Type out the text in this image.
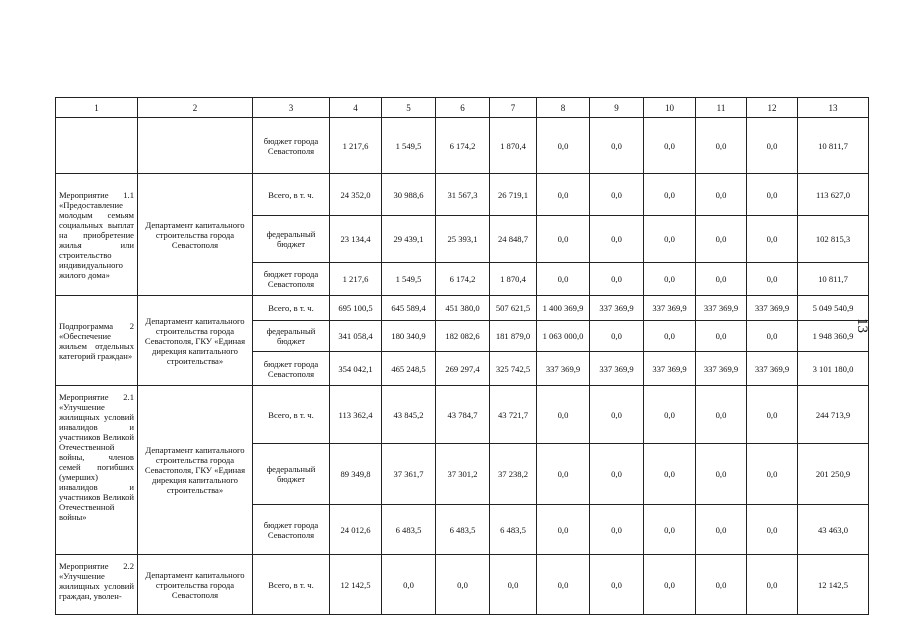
1	2	3	4	5	6	7	8	9	10	11	12	13
		бюджет города Севастополя	1 217,6	1 549,5	6 174,2	1 870,4	0,0	0,0	0,0	0,0	0,0	10 811,7
Мероприятие 1.1 «Предоставление молодым семьям социальных выплат на приобретение жилья или строительство индивидуального жилого дома»	Департамент капитального строительства города Севастополя	Всего, в т. ч.	24 352,0	30 988,6	31 567,3	26 719,1	0,0	0,0	0,0	0,0	0,0	113 627,0
		федеральный бюджет	23 134,4	29 439,1	25 393,1	24 848,7	0,0	0,0	0,0	0,0	0,0	102 815,3
		бюджет города Севастополя	1 217,6	1 549,5	6 174,2	1 870,4	0,0	0,0	0,0	0,0	0,0	10 811,7
Подпрограмма 2 «Обеспечение жильем отдельных категорий граждан»	Департамент капитального строительства города Севастополя, ГКУ «Единая дирекция капитального строительства»	Всего, в т. ч.	695 100,5	645 589,4	451 380,0	507 621,5	1 400 369,9	337 369,9	337 369,9	337 369,9	337 369,9	5 049 540,9
		федеральный бюджет	341 058,4	180 340,9	182 082,6	181 879,0	1 063 000,0	0,0	0,0	0,0	0,0	1 948 360,9
		бюджет города Севастополя	354 042,1	465 248,5	269 297,4	325 742,5	337 369,9	337 369,9	337 369,9	337 369,9	337 369,9	3 101 180,0
Мероприятие 2.1 «Улучшение жилищных условий инвалидов и участников Великой Отечественной войны, членов семей погибших (умерших) инвалидов и участников Великой Отечественной войны»	Департамент капитального строительства города Севастополя, ГКУ «Единая дирекция капитального строительства»	Всего, в т. ч.	113 362,4	43 845,2	43 784,7	43 721,7	0,0	0,0	0,0	0,0	0,0	244 713,9
		федеральный бюджет	89 349,8	37 361,7	37 301,2	37 238,2	0,0	0,0	0,0	0,0	0,0	201 250,9
		бюджет города Севастополя	24 012,6	6 483,5	6 483,5	6 483,5	0,0	0,0	0,0	0,0	0,0	43 463,0
Мероприятие 2.2 «Улучшение жилищных условий граждан, уволен-	Департамент капитального строительства города Севастополя	Всего, в т. ч.	12 142,5	0,0	0,0	0,0	0,0	0,0	0,0	0,0	0,0	12 142,5
13
